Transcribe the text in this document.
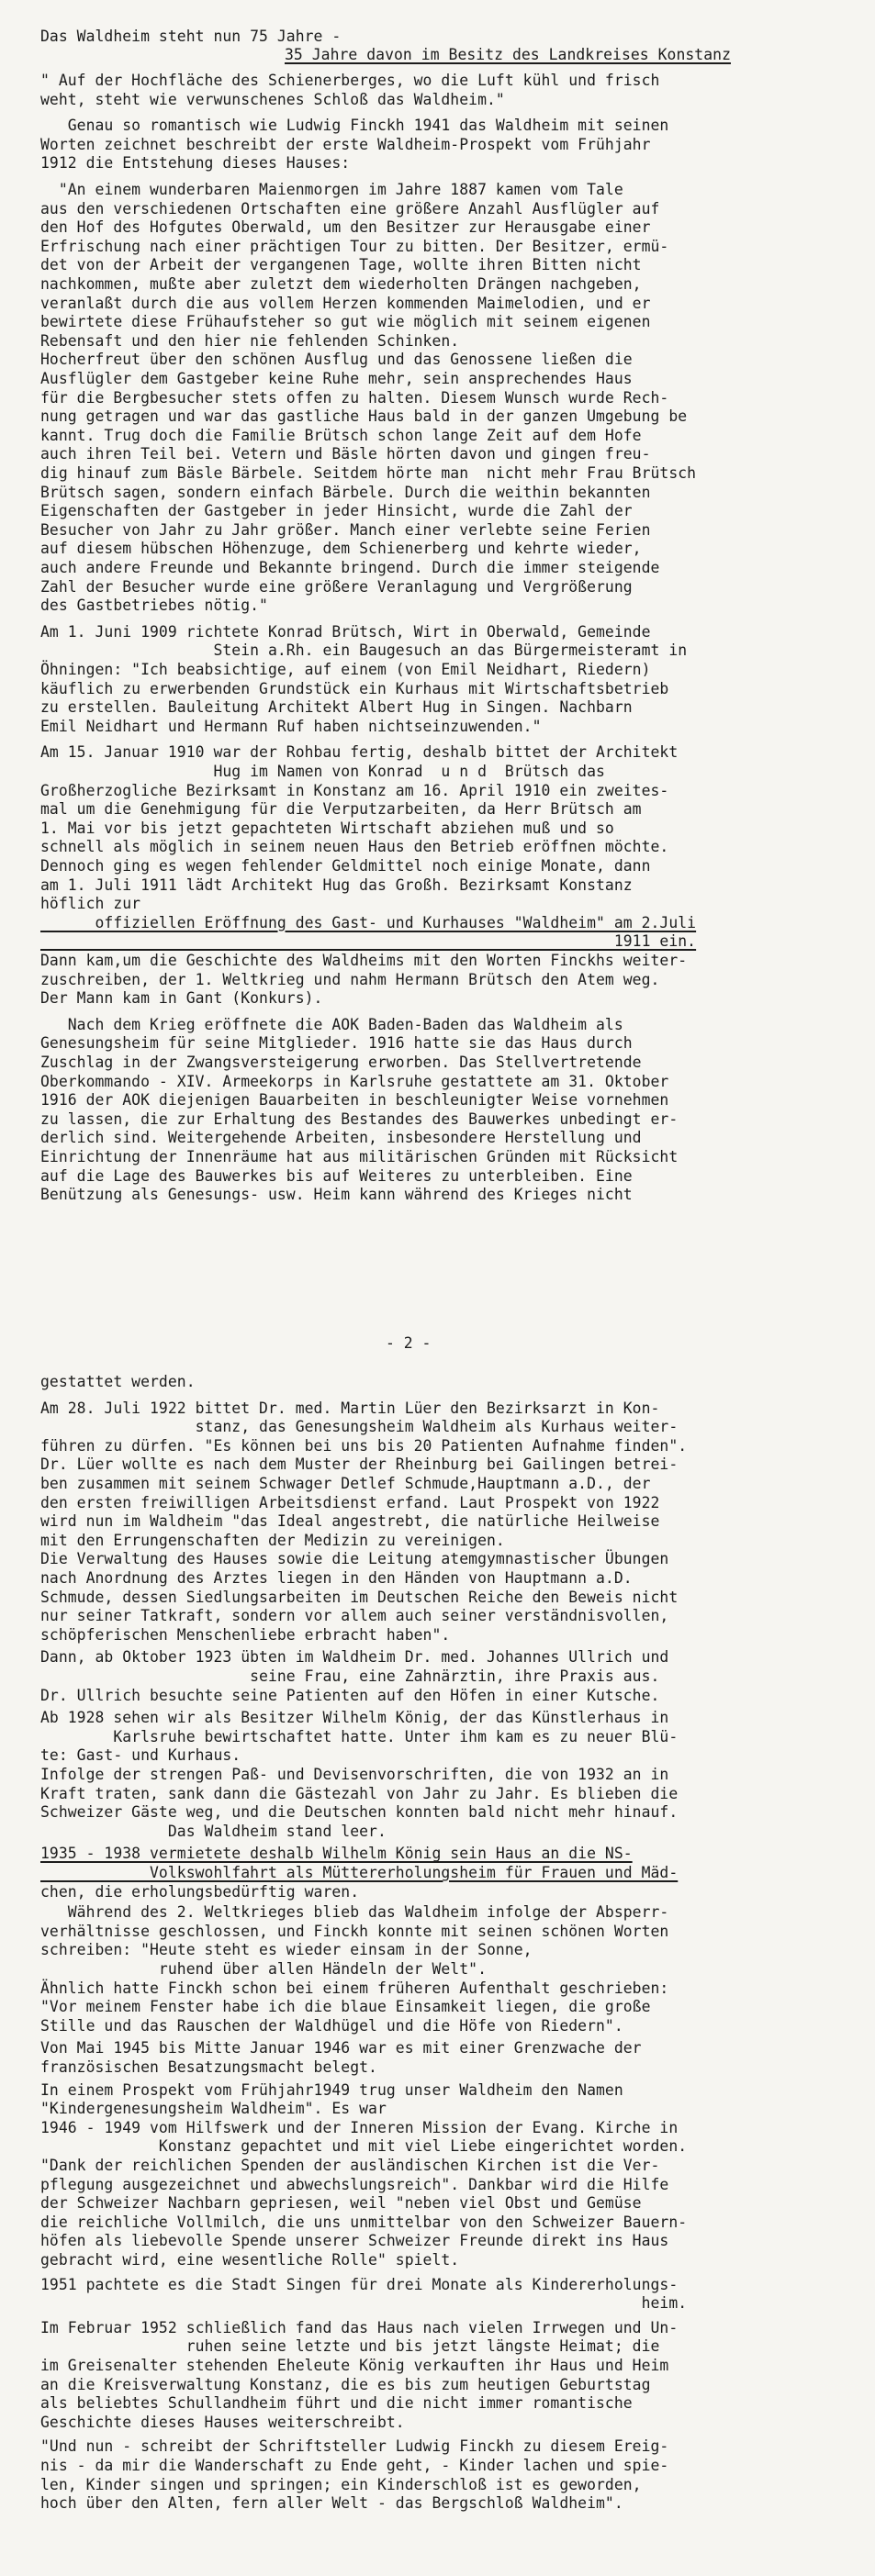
Das Waldheim steht nun 75 Jahre -
35 Jahre davon im Besitz des Landkreises Konstanz
" Auf der Hochfläche des Schienerberges, wo die Luft kühl und frisch
weht, steht wie verwunschenes Schloß das Waldheim."
Genau so romantisch wie Ludwig Finckh 1941 das Waldheim mit seinen
Worten zeichnet beschreibt der erste Waldheim-Prospekt vom Frühjahr
1912 die Entstehung dieses Hauses:
"An einem wunderbaren Maienmorgen im Jahre 1887 kamen vom Tale
aus den verschiedenen Ortschaften eine größere Anzahl Ausflügler auf
den Hof des Hofgutes Oberwald, um den Besitzer zur Herausgabe einer
Erfrischung nach einer prächtigen Tour zu bitten. Der Besitzer, ermü-
det von der Arbeit der vergangenen Tage, wollte ihren Bitten nicht
nachkommen, mußte aber zuletzt dem wiederholten Drängen nachgeben,
veranlaßt durch die aus vollem Herzen kommenden Maimelodien, und er
bewirtete diese Frühaufsteher so gut wie möglich mit seinem eigenen
Rebensaft und den hier nie fehlenden Schinken.
Hocherfreut über den schönen Ausflug und das Genossene ließen die
Ausflügler dem Gastgeber keine Ruhe mehr, sein ansprechendes Haus
für die Bergbesucher stets offen zu halten. Diesem Wunsch wurde Rech-
nung getragen und war das gastliche Haus bald in der ganzen Umgebung be
kannt. Trug doch die Familie Brütsch schon lange Zeit auf dem Hofe
auch ihren Teil bei. Vetern und Bäsle hörten davon und gingen freu-
dig hinauf zum Bäsle Bärbele. Seitdem hörte man  nicht mehr Frau Brütsch
Brütsch sagen, sondern einfach Bärbele. Durch die weithin bekannten
Eigenschaften der Gastgeber in jeder Hinsicht, wurde die Zahl der
Besucher von Jahr zu Jahr größer. Manch einer verlebte seine Ferien
auf diesem hübschen Höhenzuge, dem Schienerberg und kehrte wieder,
auch andere Freunde und Bekannte bringend. Durch die immer steigende
Zahl der Besucher wurde eine größere Veranlagung und Vergrößerung
des Gastbetriebes nötig."
Am 1. Juni 1909 richtete Konrad Brütsch, Wirt in Oberwald, Gemeinde
Stein a.Rh. ein Baugesuch an das Bürgermeisteramt in
Öhningen: "Ich beabsichtige, auf einem (von Emil Neidhart, Riedern)
käuflich zu erwerbenden Grundstück ein Kurhaus mit Wirtschaftsbetrieb
zu erstellen. Bauleitung Architekt Albert Hug in Singen. Nachbarn
Emil Neidhart und Hermann Ruf haben nichtseinzuwenden."
Am 15. Januar 1910 war der Rohbau fertig, deshalb bittet der Architekt
Hug im Namen von Konrad  u n d  Brütsch das
Großherzogliche Bezirksamt in Konstanz am 16. April 1910 ein zweites-
mal um die Genehmigung für die Verputzarbeiten, da Herr Brütsch am
1. Mai vor bis jetzt gepachteten Wirtschaft abziehen muß und so
schnell als möglich in seinem neuen Haus den Betrieb eröffnen möchte.
Dennoch ging es wegen fehlender Geldmittel noch einige Monate, dann
am 1. Juli 1911 lädt Architekt Hug das Großh. Bezirksamt Konstanz
höflich zur
offiziellen Eröffnung des Gast- und Kurhauses "Waldheim" am 2.Juli
1911 ein.
Dann kam,um die Geschichte des Waldheims mit den Worten Finckhs weiter-
zuschreiben, der 1. Weltkrieg und nahm Hermann Brütsch den Atem weg.
Der Mann kam in Gant (Konkurs).
Nach dem Krieg eröffnete die AOK Baden-Baden das Waldheim als
Genesungsheim für seine Mitglieder. 1916 hatte sie das Haus durch
Zuschlag in der Zwangsversteigerung erworben. Das Stellvertretende
Oberkommando - XIV. Armeekorps in Karlsruhe gestattete am 31. Oktober
1916 der AOK diejenigen Bauarbeiten in beschleunigter Weise vornehmen
zu lassen, die zur Erhaltung des Bestandes des Bauwerkes unbedingt er-
derlich sind. Weitergehende Arbeiten, insbesondere Herstellung und
Einrichtung der Innenräume hat aus militärischen Gründen mit Rücksicht
auf die Lage des Bauwerkes bis auf Weiteres zu unterbleiben. Eine
Benützung als Genesungs- usw. Heim kann während des Krieges nicht
- 2 -
gestattet werden.
Am 28. Juli 1922 bittet Dr. med. Martin Lüer den Bezirksarzt in Kon-
stanz, das Genesungsheim Waldheim als Kurhaus weiter-
führen zu dürfen. "Es können bei uns bis 20 Patienten Aufnahme finden".
Dr. Lüer wollte es nach dem Muster der Rheinburg bei Gailingen betrei-
ben zusammen mit seinem Schwager Detlef Schmude,Hauptmann a.D., der
den ersten freiwilligen Arbeitsdienst erfand. Laut Prospekt von 1922
wird nun im Waldheim "das Ideal angestrebt, die natürliche Heilweise
mit den Errungenschaften der Medizin zu vereinigen.
Die Verwaltung des Hauses sowie die Leitung atemgymnastischer Übungen
nach Anordnung des Arztes liegen in den Händen von Hauptmann a.D.
Schmude, dessen Siedlungsarbeiten im Deutschen Reiche den Beweis nicht
nur seiner Tatkraft, sondern vor allem auch seiner verständnisvollen,
schöpferischen Menschenliebe erbracht haben".
Dann, ab Oktober 1923 übten im Waldheim Dr. med. Johannes Ullrich und
seine Frau, eine Zahnärztin, ihre Praxis aus.
Dr. Ullrich besuchte seine Patienten auf den Höfen in einer Kutsche.
Ab 1928 sehen wir als Besitzer Wilhelm König, der das Künstlerhaus in
Karlsruhe bewirtschaftet hatte. Unter ihm kam es zu neuer Blü-
te: Gast- und Kurhaus.
Infolge der strengen Paß- und Devisenvorschriften, die von 1932 an in
Kraft traten, sank dann die Gästezahl von Jahr zu Jahr. Es blieben die
Schweizer Gäste weg, und die Deutschen konnten bald nicht mehr hinauf.
Das Waldheim stand leer.
1935 - 1938 vermietete deshalb Wilhelm König sein Haus an die NS-
Volkswohlfahrt als Müttererholungsheim für Frauen und Mäd-
chen, die erholungsbedürftig waren.
Während des 2. Weltkrieges blieb das Waldheim infolge der Absperr-
verhältnisse geschlossen, und Finckh konnte mit seinen schönen Worten
schreiben: "Heute steht es wieder einsam in der Sonne,
ruhend über allen Händeln der Welt".
Ähnlich hatte Finckh schon bei einem früheren Aufenthalt geschrieben:
"Vor meinem Fenster habe ich die blaue Einsamkeit liegen, die große
Stille und das Rauschen der Waldhügel und die Höfe von Riedern".
Von Mai 1945 bis Mitte Januar 1946 war es mit einer Grenzwache der
französischen Besatzungsmacht belegt.
In einem Prospekt vom Frühjahr1949 trug unser Waldheim den Namen
"Kindergenesungsheim Waldheim". Es war
1946 - 1949 vom Hilfswerk und der Inneren Mission der Evang. Kirche in
Konstanz gepachtet und mit viel Liebe eingerichtet worden.
"Dank der reichlichen Spenden der ausländischen Kirchen ist die Ver-
pflegung ausgezeichnet und abwechslungsreich". Dankbar wird die Hilfe
der Schweizer Nachbarn gepriesen, weil "neben viel Obst und Gemüse
die reichliche Vollmilch, die uns unmittelbar von den Schweizer Bauern-
höfen als liebevolle Spende unserer Schweizer Freunde direkt ins Haus
gebracht wird, eine wesentliche Rolle" spielt.
1951 pachtete es die Stadt Singen für drei Monate als Kindererholungs-
heim.
Im Februar 1952 schließlich fand das Haus nach vielen Irrwegen und Un-
ruhen seine letzte und bis jetzt längste Heimat; die
im Greisenalter stehenden Eheleute König verkauften ihr Haus und Heim
an die Kreisverwaltung Konstanz, die es bis zum heutigen Geburtstag
als beliebtes Schullandheim führt und die nicht immer romantische
Geschichte dieses Hauses weiterschreibt.
"Und nun - schreibt der Schriftsteller Ludwig Finckh zu diesem Ereig-
nis - da mir die Wanderschaft zu Ende geht, - Kinder lachen und spie-
len, Kinder singen und springen; ein Kinderschloß ist es geworden,
hoch über den Alten, fern aller Welt - das Bergschloß Waldheim".
